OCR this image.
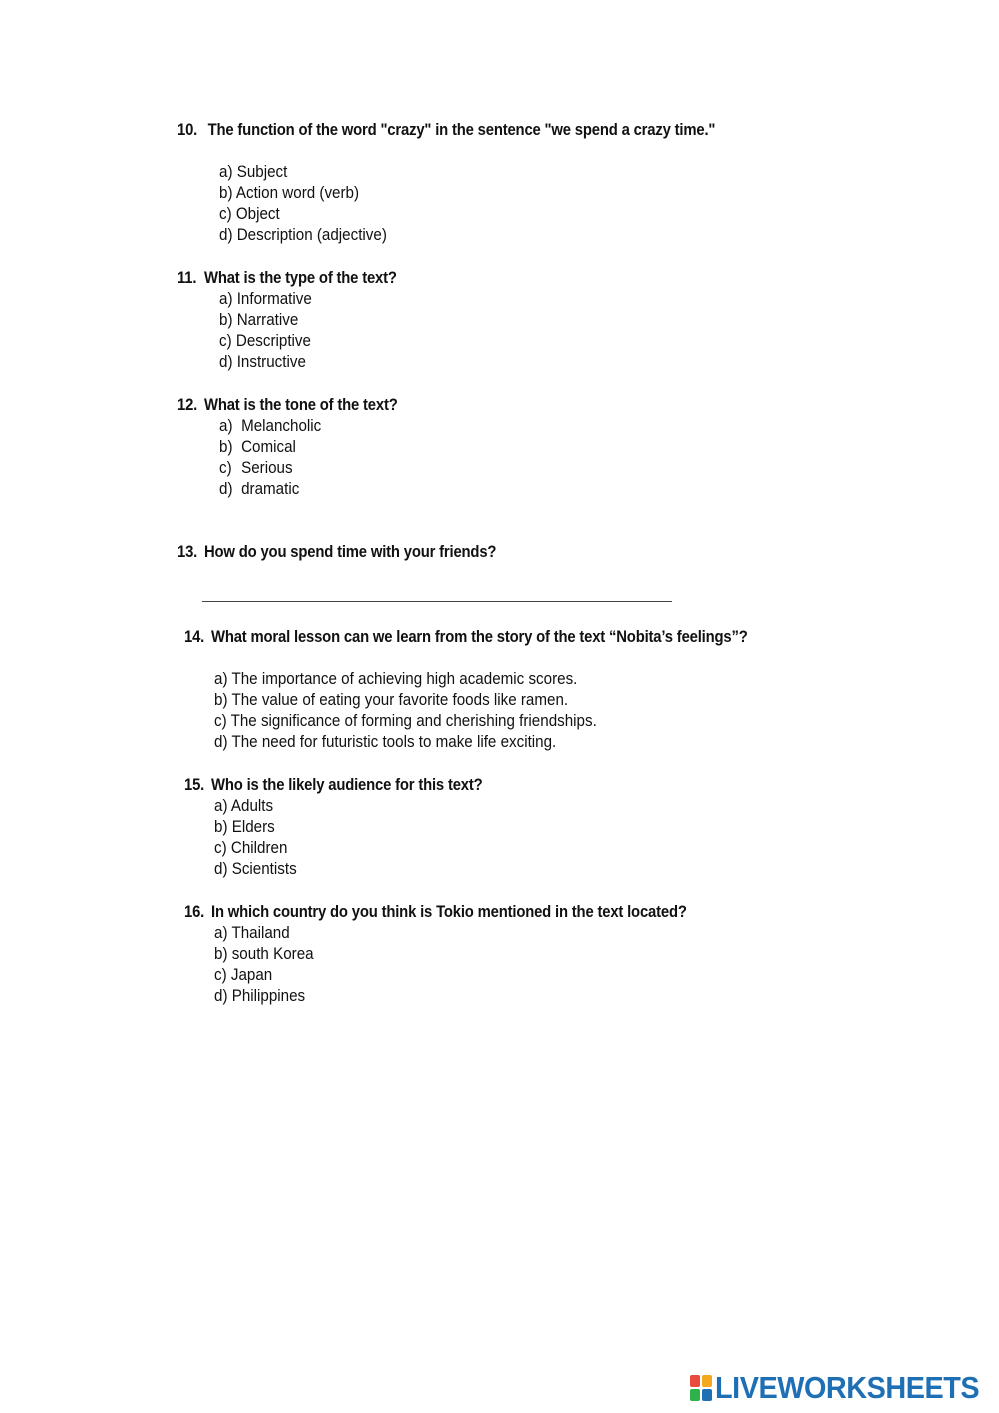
10. The function of the word "crazy" in the sentence "we spend a crazy time."
a) Subject
b) Action word (verb)
c) Object
d) Description (adjective)
11. What is the type of the text?
a) Informative
b) Narrative
c) Descriptive
d) Instructive
12. What is the tone of the text?
a) Melancholic
b) Comical
c) Serious
d) dramatic
13. How do you spend time with your friends?
14. What moral lesson can we learn from the story of the text “Nobita’s feelings”?
a) The importance of achieving high academic scores.
b) The value of eating your favorite foods like ramen.
c) The significance of forming and cherishing friendships.
d) The need for futuristic tools to make life exciting.
15. Who is the likely audience for this text?
a) Adults
b) Elders
c) Children
d) Scientists
16. In which country do you think is Tokio mentioned in the text located?
a) Thailand
b) south Korea
c) Japan
d) Philippines
LIVEWORKSHEETS
